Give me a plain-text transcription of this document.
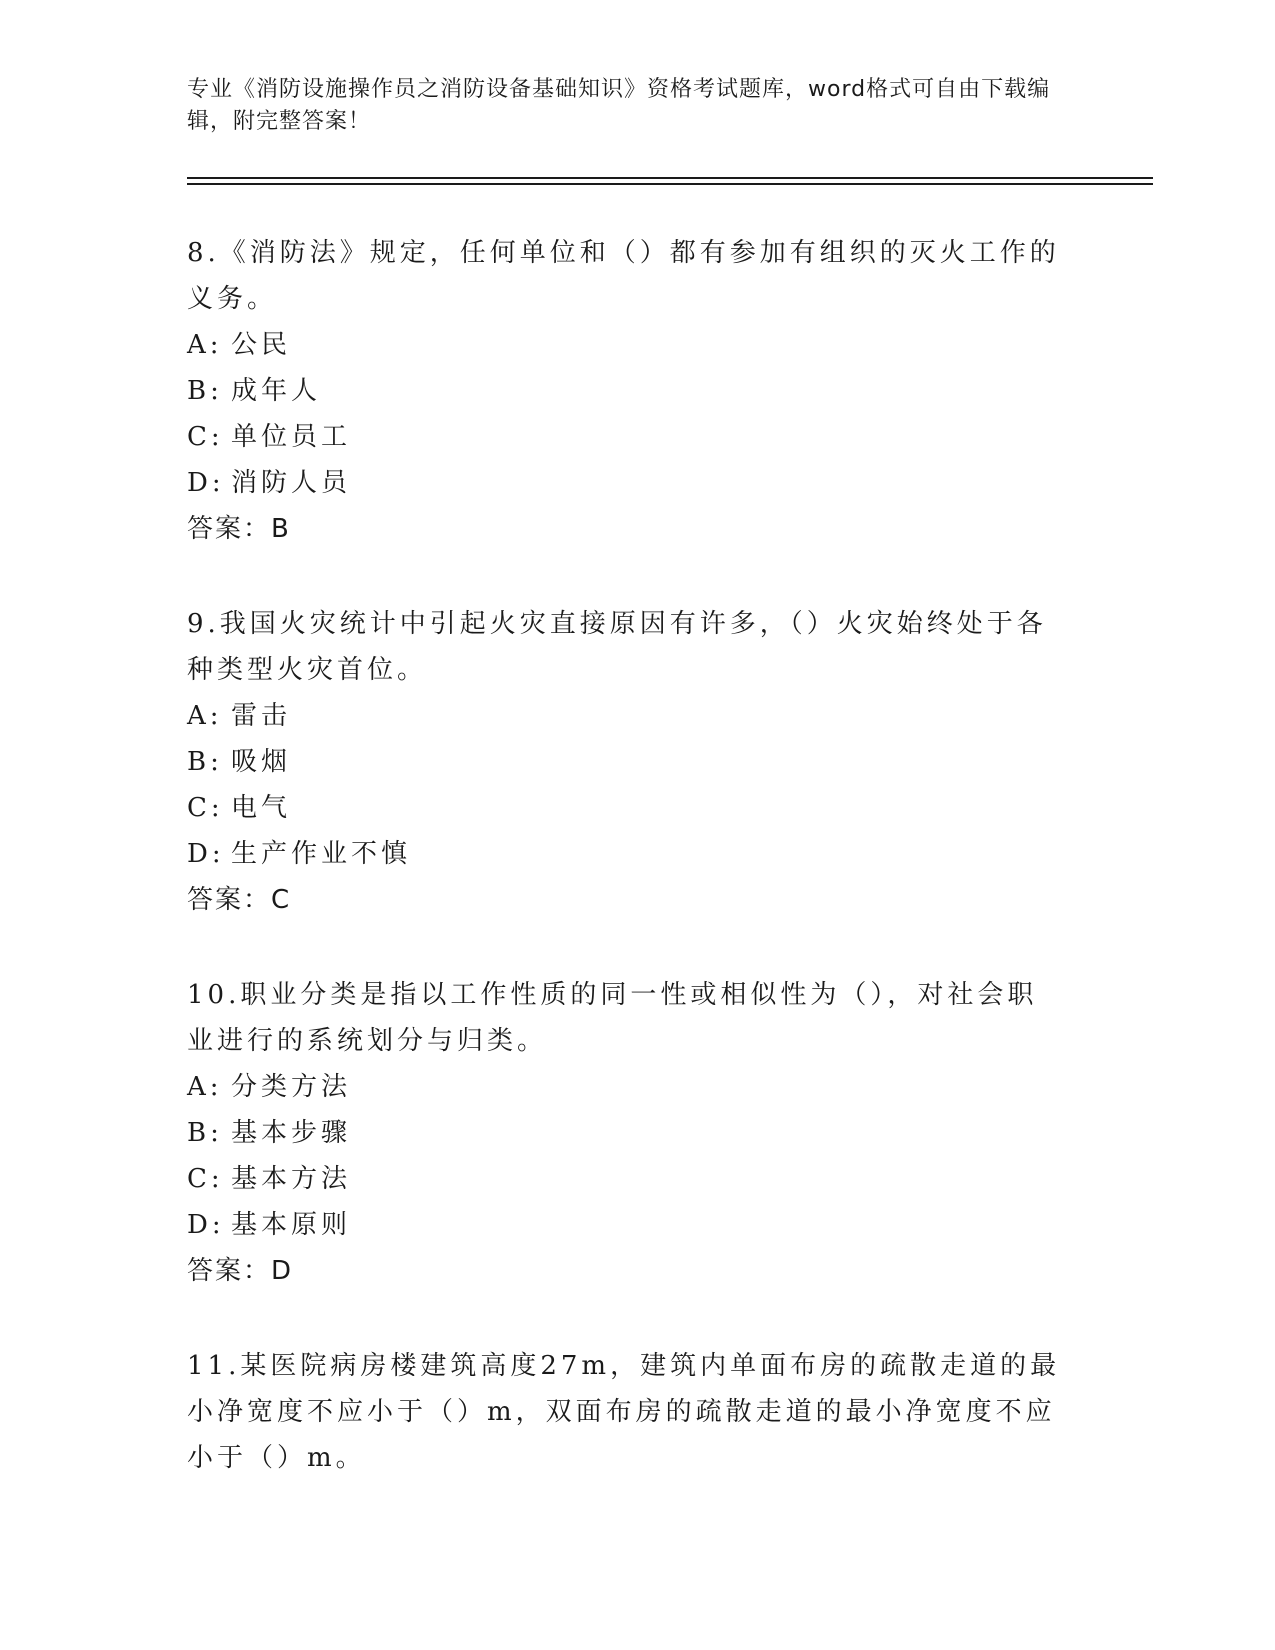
专业《消防设施操作员之消防设备基础知识》资格考试题库，word格式可自由下载编辑，附完整答案！
8.《消防法》规定，任何单位和（）都有参加有组织的灭火工作的义务。
A: 公民
B: 成年人
C: 单位员工
D: 消防人员
答案：B
9.我国火灾统计中引起火灾直接原因有许多，（）火灾始终处于各种类型火灾首位。
A: 雷击
B: 吸烟
C: 电气
D: 生产作业不慎
答案：C
10.职业分类是指以工作性质的同一性或相似性为（），对社会职业进行的系统划分与归类。
A: 分类方法
B: 基本步骤
C: 基本方法
D: 基本原则
答案：D
11.某医院病房楼建筑高度27m，建筑内单面布房的疏散走道的最小净宽度不应小于（）m，双面布房的疏散走道的最小净宽度不应小于（）m。
